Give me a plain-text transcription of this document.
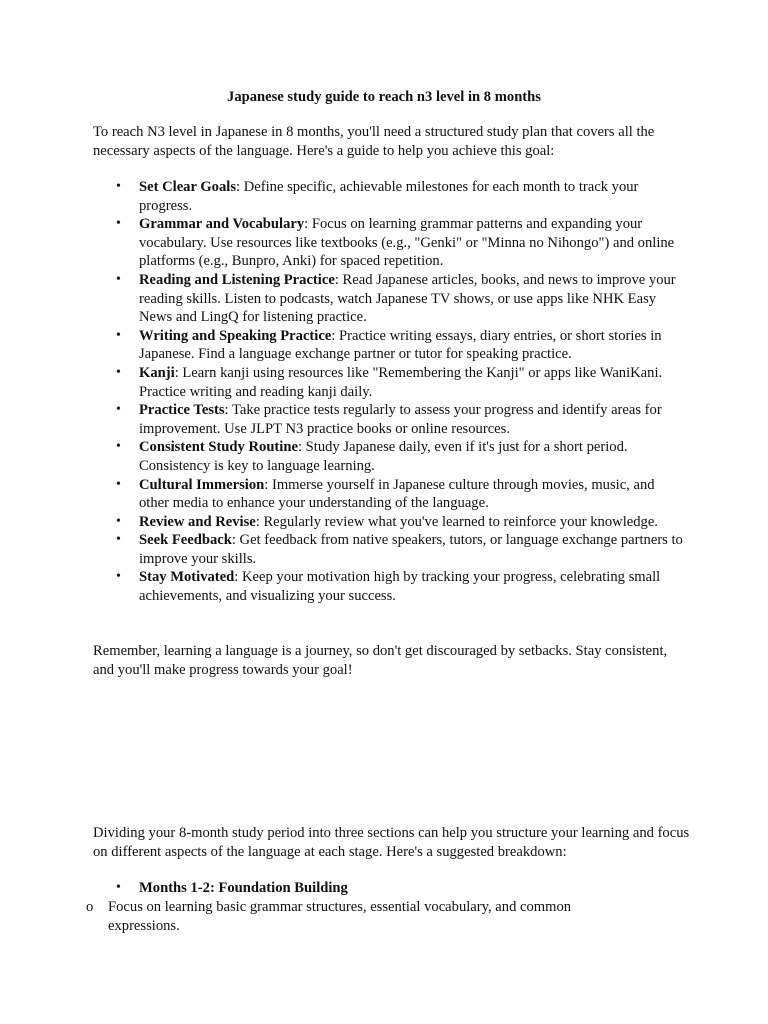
Japanese study guide to reach n3 level in 8 months

To reach N3 level in Japanese in 8 months, you'll need a structured study plan that covers all the necessary aspects of the language. Here's a guide to help you achieve this goal:

• Set Clear Goals: Define specific, achievable milestones for each month to track your progress.
• Grammar and Vocabulary: Focus on learning grammar patterns and expanding your vocabulary. Use resources like textbooks (e.g., "Genki" or "Minna no Nihongo") and online platforms (e.g., Bunpro, Anki) for spaced repetition.
• Reading and Listening Practice: Read Japanese articles, books, and news to improve your reading skills. Listen to podcasts, watch Japanese TV shows, or use apps like NHK Easy News and LingQ for listening practice.
• Writing and Speaking Practice: Practice writing essays, diary entries, or short stories in Japanese. Find a language exchange partner or tutor for speaking practice.
• Kanji: Learn kanji using resources like "Remembering the Kanji" or apps like WaniKani. Practice writing and reading kanji daily.
• Practice Tests: Take practice tests regularly to assess your progress and identify areas for improvement. Use JLPT N3 practice books or online resources.
• Consistent Study Routine: Study Japanese daily, even if it's just for a short period. Consistency is key to language learning.
• Cultural Immersion: Immerse yourself in Japanese culture through movies, music, and other media to enhance your understanding of the language.
• Review and Revise: Regularly review what you've learned to reinforce your knowledge.
• Seek Feedback: Get feedback from native speakers, tutors, or language exchange partners to improve your skills.
• Stay Motivated: Keep your motivation high by tracking your progress, celebrating small achievements, and visualizing your success.

Remember, learning a language is a journey, so don't get discouraged by setbacks. Stay consistent, and you'll make progress towards your goal!

Dividing your 8-month study period into three sections can help you structure your learning and focus on different aspects of the language at each stage. Here's a suggested breakdown:

• Months 1-2: Foundation Building
o Focus on learning basic grammar structures, essential vocabulary, and common expressions.
